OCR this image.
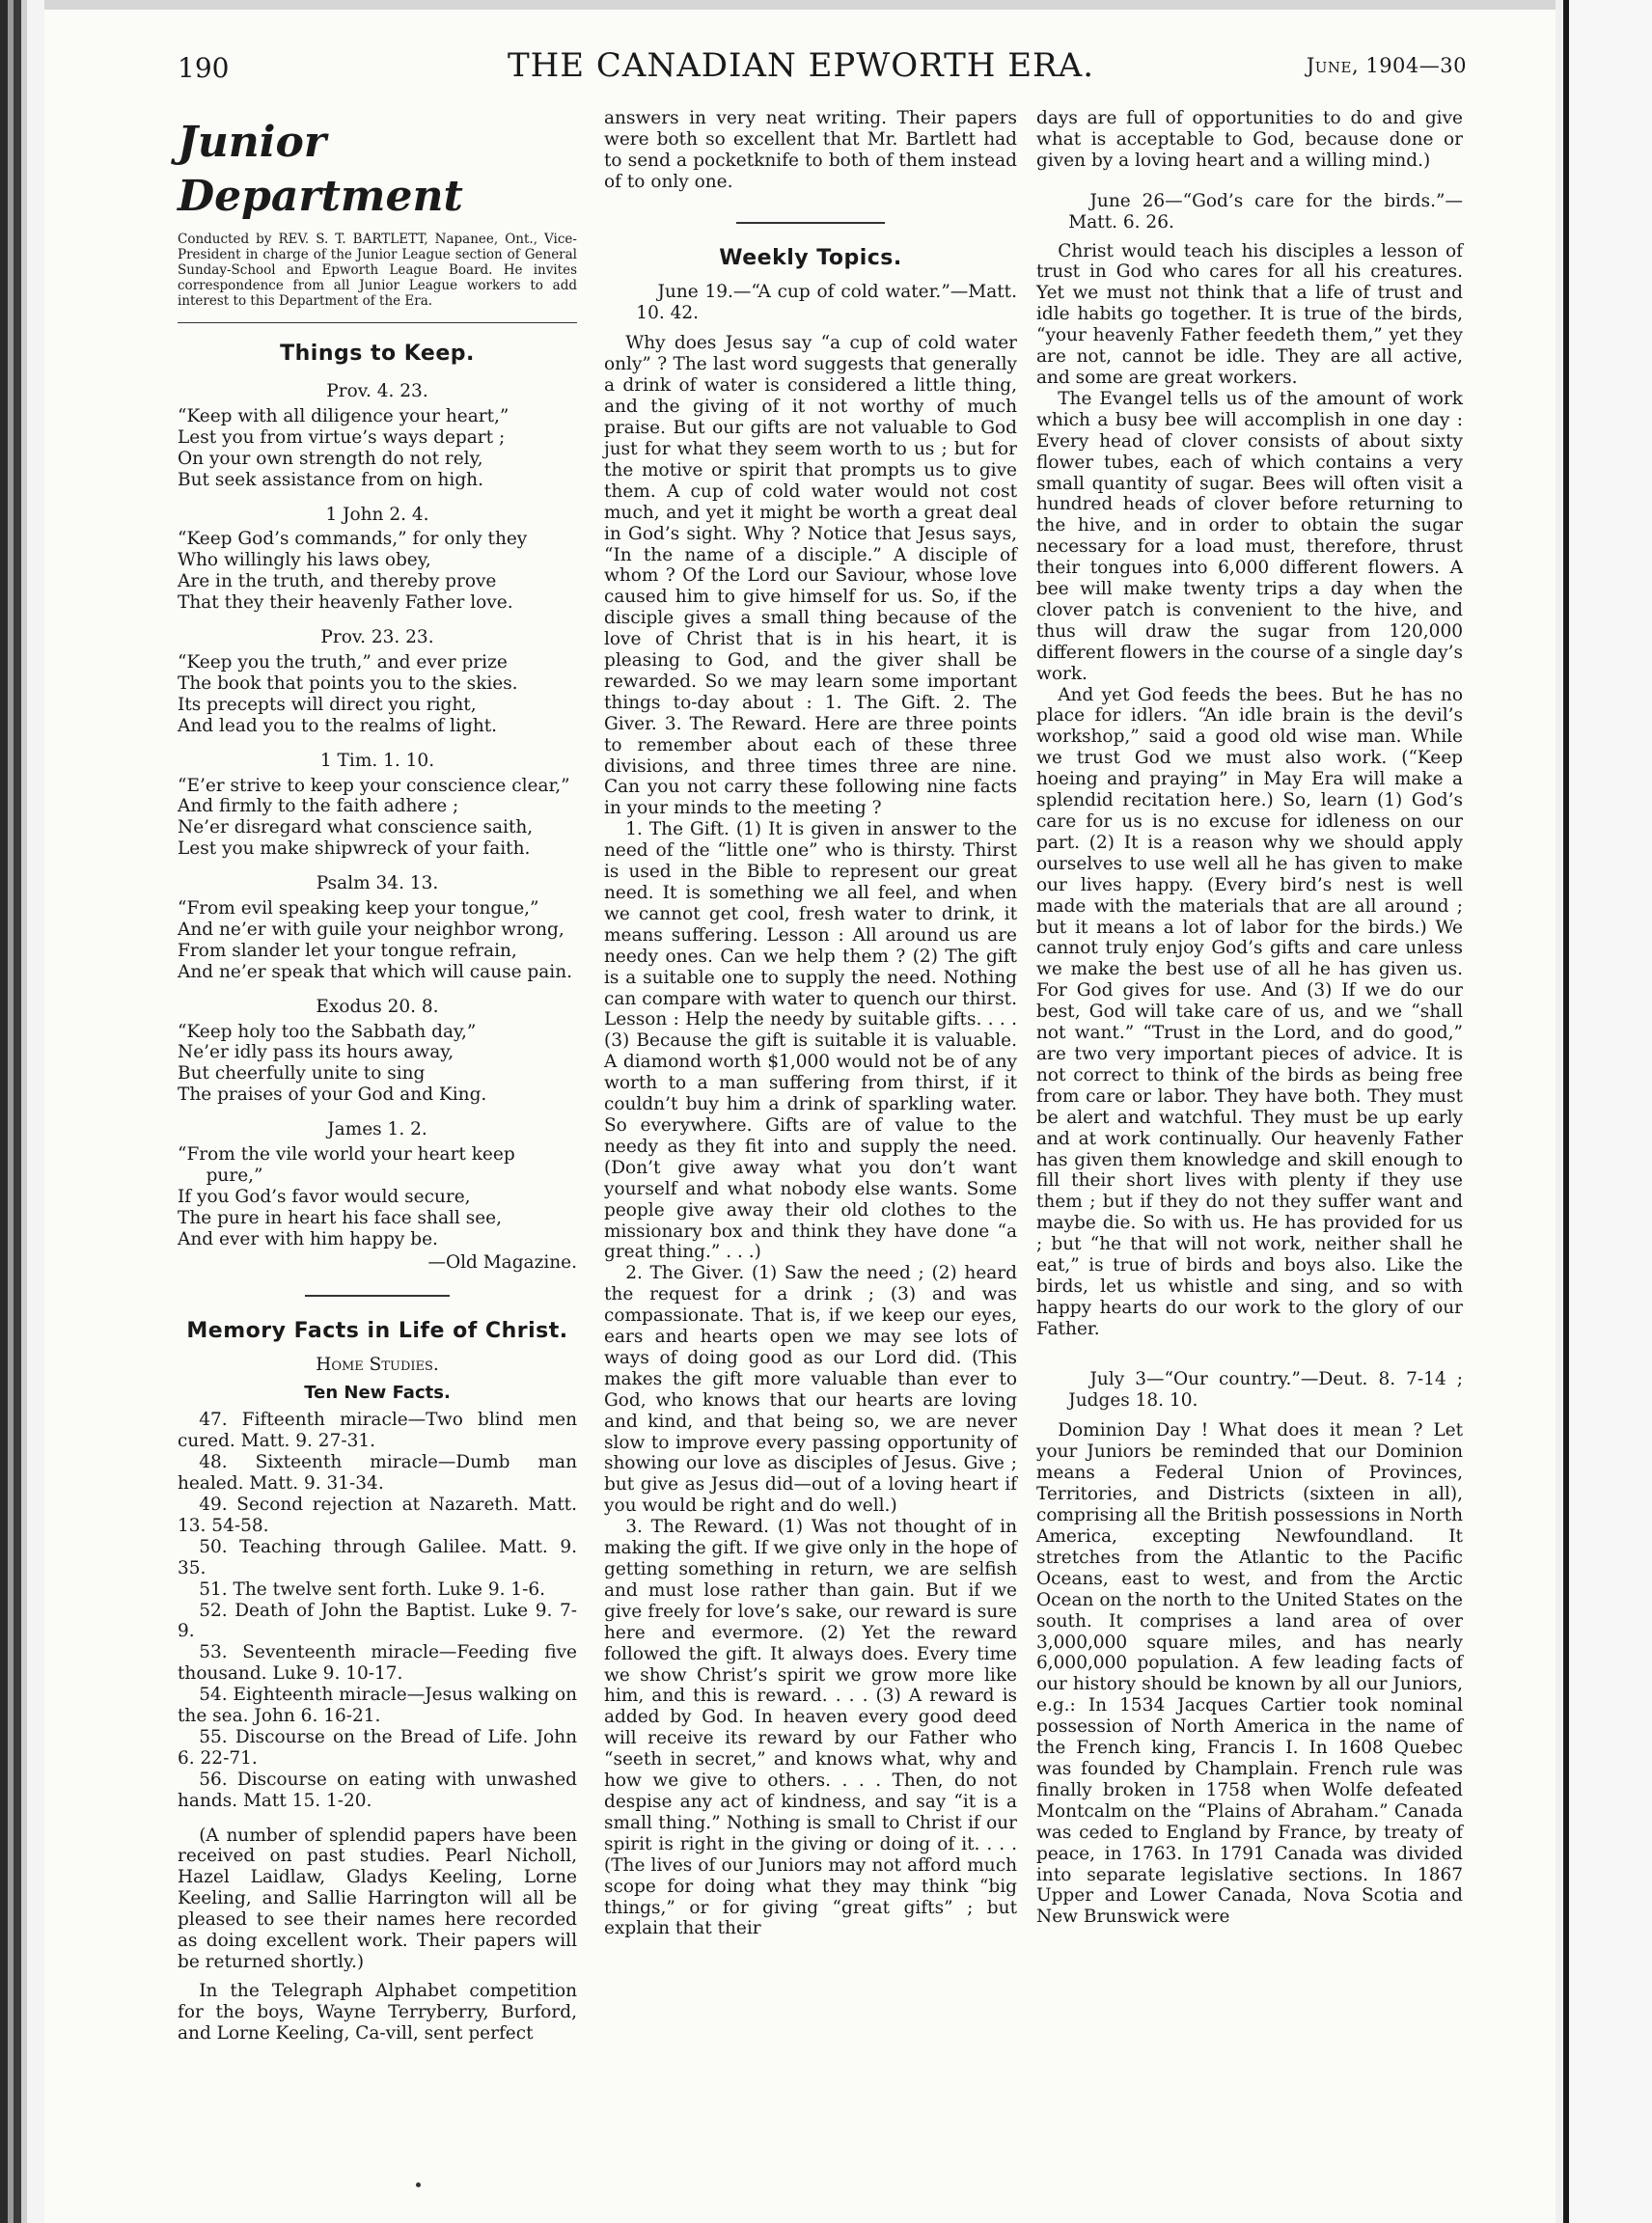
190	THE CANADIAN EPWORTH ERA.	June, 1904—30
Junior Department
Conducted by REV. S. T. BARTLETT, Napanee, Ont., Vice-President in charge of the Junior League section of General Sunday-School and Epworth League Board. He invites correspondence from all Junior League workers to add interest to this Department of the Era.
Things to Keep.
Prov. 4. 23.
“Keep with all diligence your heart,”
Lest you from virtue’s ways depart ;
On your own strength do not rely,
But seek assistance from on high.
1 John 2. 4.
“Keep God’s commands,” for only they
Who willingly his laws obey,
Are in the truth, and thereby prove
That they their heavenly Father love.
Prov. 23. 23.
“Keep you the truth,” and ever prize
The book that points you to the skies.
Its precepts will direct you right,
And lead you to the realms of light.
1 Tim. 1. 10.
“E’er strive to keep your conscience clear,”
And firmly to the faith adhere ;
Ne’er disregard what conscience saith,
Lest you make shipwreck of your faith.
Psalm 34. 13.
“From evil speaking keep your tongue,”
And ne’er with guile your neighbor wrong,
From slander let your tongue refrain,
And ne’er speak that which will cause pain.
Exodus 20. 8.
“Keep holy too the Sabbath day,”
Ne’er idly pass its hours away,
But cheerfully unite to sing
The praises of your God and King.
James 1. 2.
“From the vile world your heart keep pure,”
If you God’s favor would secure,
The pure in heart his face shall see,
And ever with him happy be.
—Old Magazine.
Memory Facts in Life of Christ.
Home Studies.
Ten New Facts.

47. Fifteenth miracle—Two blind men cured. Matt. 9. 27-31.

48. Sixteenth miracle—Dumb man healed. Matt. 9. 31-34.

49. Second rejection at Nazareth. Matt. 13. 54-58.

50. Teaching through Galilee. Matt. 9. 35.

51. The twelve sent forth. Luke 9. 1-6.

52. Death of John the Baptist. Luke 9. 7-9.

53. Seventeenth miracle—Feeding five thousand. Luke 9. 10-17.

54. Eighteenth miracle—Jesus walking on the sea. John 6. 16-21.

55. Discourse on the Bread of Life. John 6. 22-71.

56. Discourse on eating with unwashed hands. Matt 15. 1-20.

(A number of splendid papers have been received on past studies. Pearl Nicholl, Hazel Laidlaw, Gladys Keeling, Lorne Keeling, and Sallie Harrington will all be pleased to see their names here recorded as doing excellent work. Their papers will be returned shortly.)

In the Telegraph Alphabet competition for the boys, Wayne Terryberry, Burford, and Lorne Keeling, Ca-vill, sent perfect

answers in very neat writing. Their papers were both so excellent that Mr. Bartlett had to send a pocketknife to both of them instead of to only one.

Weekly Topics.

June 19.—“A cup of cold water.”—Matt. 10. 42.

Why does Jesus say “a cup of cold water only” ? The last word suggests that generally a drink of water is considered a little thing, and the giving of it not worthy of much praise. But our gifts are not valuable to God just for what they seem worth to us ; but for the motive or spirit that prompts us to give them. A cup of cold water would not cost much, and yet it might be worth a great deal in God’s sight. Why ? Notice that Jesus says, “In the name of a disciple.” A disciple of whom ? Of the Lord our Saviour, whose love caused him to give himself for us. So, if the disciple gives a small thing because of the love of Christ that is in his heart, it is pleasing to God, and the giver shall be rewarded. So we may learn some important things to-day about : 1. The Gift. 2. The Giver. 3. The Reward. Here are three points to remember about each of these three divisions, and three times three are nine. Can you not carry these following nine facts in your minds to the meeting ?

1. The Gift. (1) It is given in answer to the need of the “little one” who is thirsty. Thirst is used in the Bible to represent our great need. It is something we all feel, and when we cannot get cool, fresh water to drink, it means suffering. Lesson : All around us are needy ones. Can we help them ? (2) The gift is a suitable one to supply the need. Nothing can compare with water to quench our thirst. Lesson : Help the needy by suitable gifts. . . . (3) Because the gift is suitable it is valuable. A diamond worth $1,000 would not be of any worth to a man suffering from thirst, if it couldn’t buy him a drink of sparkling water. So everywhere. Gifts are of value to the needy as they fit into and supply the need. (Don’t give away what you don’t want yourself and what nobody else wants. Some people give away their old clothes to the missionary box and think they have done “a great thing.” . . .)

2. The Giver. (1) Saw the need ; (2) heard the request for a drink ; (3) and was compassionate. That is, if we keep our eyes, ears and hearts open we may see lots of ways of doing good as our Lord did. (This makes the gift more valuable than ever to God, who knows that our hearts are loving and kind, and that being so, we are never slow to improve every passing opportunity of showing our love as disciples of Jesus. Give ; but give as Jesus did—out of a loving heart if you would be right and do well.)

3. The Reward. (1) Was not thought of in making the gift. If we give only in the hope of getting something in return, we are selfish and must lose rather than gain. But if we give freely for love’s sake, our reward is sure here and evermore. (2) Yet the reward followed the gift. It always does. Every time we show Christ’s spirit we grow more like him, and this is reward. . . . (3) A reward is added by God. In heaven every good deed will receive its reward by our Father who “seeth in secret,” and knows what, why and how we give to others. . . . Then, do not despise any act of kindness, and say “it is a small thing.” Nothing is small to Christ if our spirit is right in the giving or doing of it. . . . (The lives of our Juniors may not afford much scope for doing what they may think “big things,” or for giving “great gifts” ; but explain that their

days are full of opportunities to do and give what is acceptable to God, because done or given by a loving heart and a willing mind.)

June 26—“God’s care for the birds.”—Matt. 6. 26.

Christ would teach his disciples a lesson of trust in God who cares for all his creatures. Yet we must not think that a life of trust and idle habits go together. It is true of the birds, “your heavenly Father feedeth them,” yet they are not, cannot be idle. They are all active, and some are great workers.

The Evangel tells us of the amount of work which a busy bee will accomplish in one day : Every head of clover consists of about sixty flower tubes, each of which contains a very small quantity of sugar. Bees will often visit a hundred heads of clover before returning to the hive, and in order to obtain the sugar necessary for a load must, therefore, thrust their tongues into 6,000 different flowers. A bee will make twenty trips a day when the clover patch is convenient to the hive, and thus will draw the sugar from 120,000 different flowers in the course of a single day’s work.

And yet God feeds the bees. But he has no place for idlers. “An idle brain is the devil’s workshop,” said a good old wise man. While we trust God we must also work. (“Keep hoeing and praying” in May Era will make a splendid recitation here.) So, learn (1) God’s care for us is no excuse for idleness on our part. (2) It is a reason why we should apply ourselves to use well all he has given to make our lives happy. (Every bird’s nest is well made with the materials that are all around ; but it means a lot of labor for the birds.) We cannot truly enjoy God’s gifts and care unless we make the best use of all he has given us. For God gives for use. And (3) If we do our best, God will take care of us, and we “shall not want.” “Trust in the Lord, and do good,” are two very important pieces of advice. It is not correct to think of the birds as being free from care or labor. They have both. They must be alert and watchful. They must be up early and at work continually. Our heavenly Father has given them knowledge and skill enough to fill their short lives with plenty if they use them ; but if they do not they suffer want and maybe die. So with us. He has provided for us ; but “he that will not work, neither shall he eat,” is true of birds and boys also. Like the birds, let us whistle and sing, and so with happy hearts do our work to the glory of our Father.

July 3—“Our country.”—Deut. 8. 7-14 ; Judges 18. 10.

Dominion Day ! What does it mean ? Let your Juniors be reminded that our Dominion means a Federal Union of Provinces, Territories, and Districts (sixteen in all), comprising all the British possessions in North America, excepting Newfoundland. It stretches from the Atlantic to the Pacific Oceans, east to west, and from the Arctic Ocean on the north to the United States on the south. It comprises a land area of over 3,000,000 square miles, and has nearly 6,000,000 population. A few leading facts of our history should be known by all our Juniors, e.g.: In 1534 Jacques Cartier took nominal possession of North America in the name of the French king, Francis I. In 1608 Quebec was founded by Champlain. French rule was finally broken in 1758 when Wolfe defeated Montcalm on the “Plains of Abraham.” Canada was ceded to England by France, by treaty of peace, in 1763. In 1791 Canada was divided into separate legislative sections. In 1867 Upper and Lower Canada, Nova Scotia and New Brunswick were
